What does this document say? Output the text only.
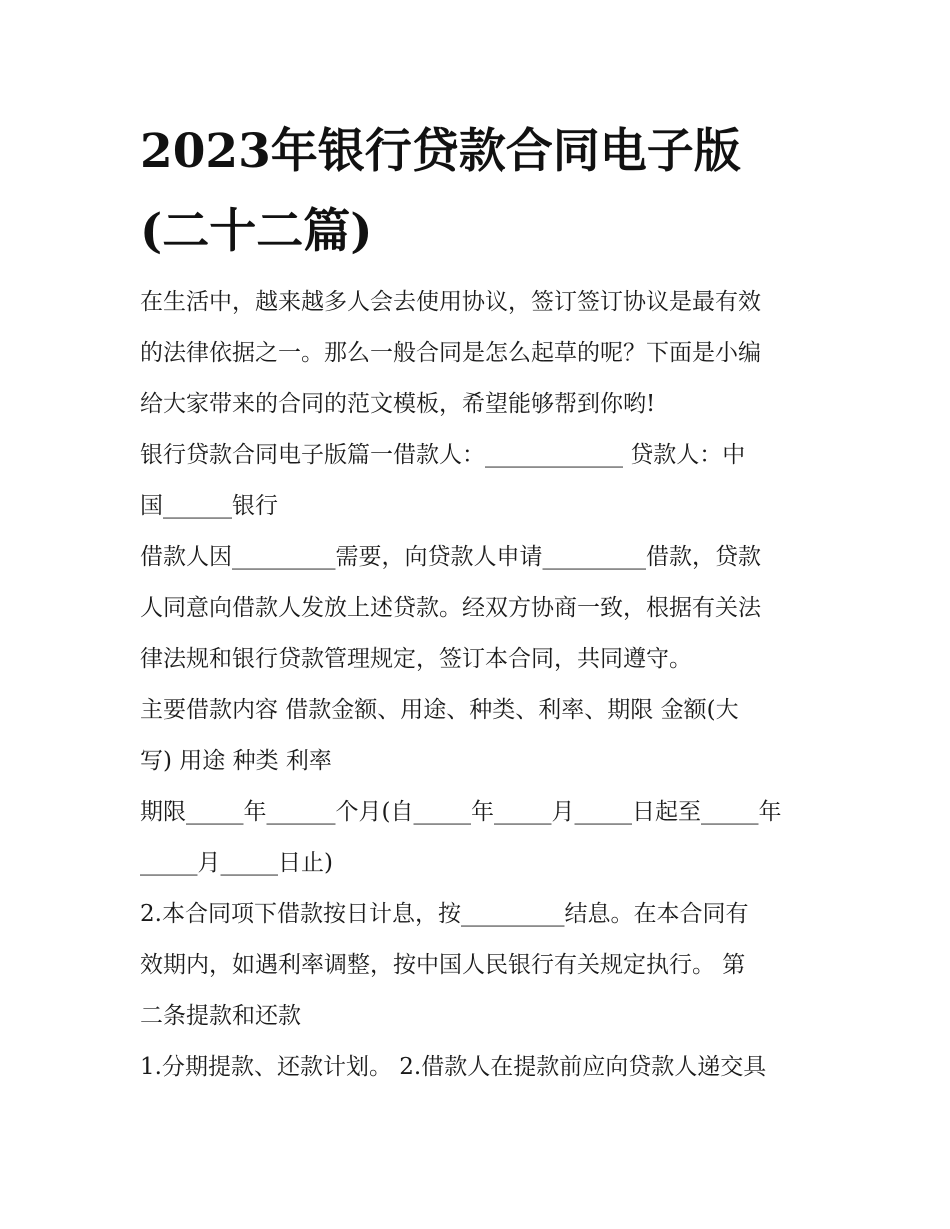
2023年银行贷款合同电子版
(二十二篇)
在生活中，越来越多人会去使用协议，签订签订协议是最有效
的法律依据之一。那么一般合同是怎么起草的呢？下面是小编
给大家带来的合同的范文模板，希望能够帮到你哟!
银行贷款合同电子版篇一借款人：____________ 贷款人：中
国______银行
借款人因_________需要，向贷款人申请_________借款，贷款
人同意向借款人发放上述贷款。经双方协商一致，根据有关法
律法规和银行贷款管理规定，签订本合同，共同遵守。
主要借款内容 借款金额、用途、种类、利率、期限 金额(大
写) 用途 种类 利率
期限_____年______个月(自_____年_____月_____日起至_____年
_____月_____日止)
2.本合同项下借款按日计息，按_________结息。在本合同有
效期内，如遇利率调整，按中国人民银行有关规定执行。 第
二条提款和还款
1.分期提款、还款计划。 2.借款人在提款前应向贷款人递交具
